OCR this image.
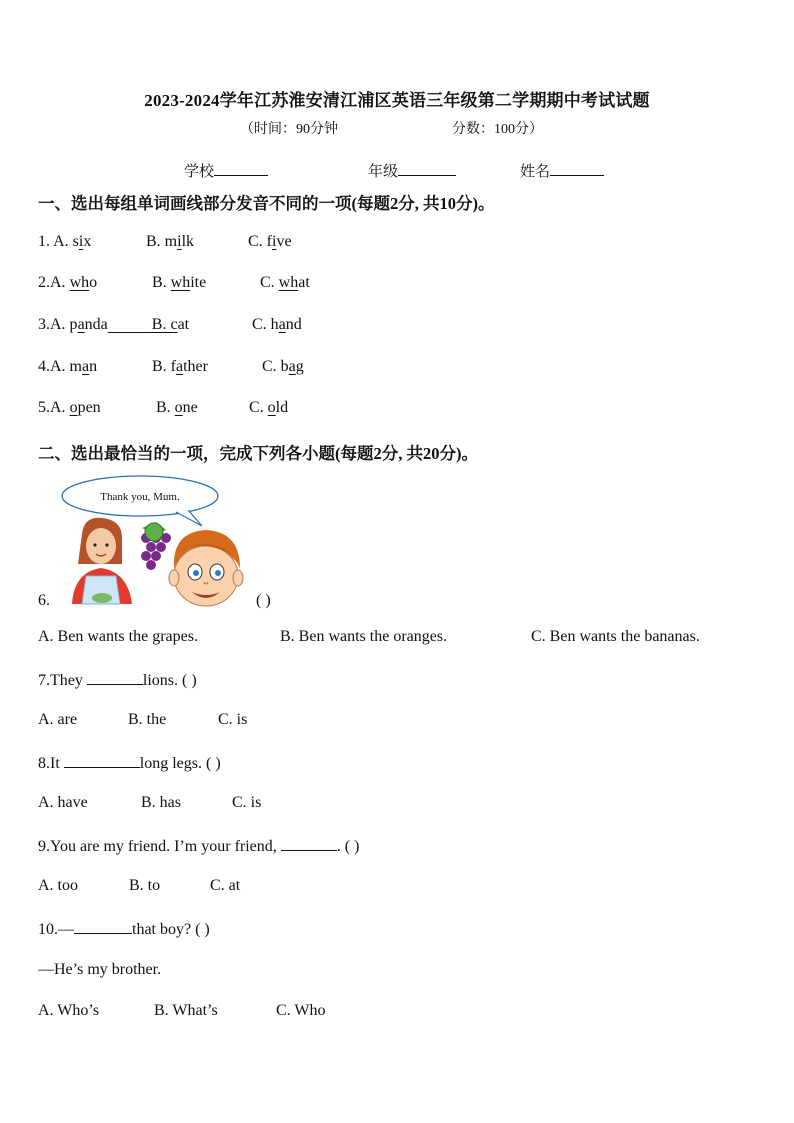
2023-2024学年江苏淮安清江浦区英语三年级第二学期期中考试试题
（时间：90分钟	分数：100分）
学校	年级	姓名
一、选出每组单词画线部分发音不同的一项(每题2分, 共10分)。
1. A. six	B. milk	C. five
2.A. who	B. white	C. what
3.A. panda	B. cat	C. hand
4.A. man	B. father	C. bag
5.A. open	B. one	C. old
二、选出最恰当的一项，完成下列各小题(每题2分, 共20分)。
Thank you, Mum.
6.	( )
A. Ben wants the grapes.	B. Ben wants the oranges.	C. Ben wants the bananas.
7.They	lions. ( )
A. are	B. the	C. is
8.It	long legs. ( )
A. have	B. has	C. is
9.You are my friend. I’m your friend,	. ( )
A. too	B. to	C. at
10.—	that boy? ( )
—He’s my brother.
A. Who’s	B. What’s	C. Who
